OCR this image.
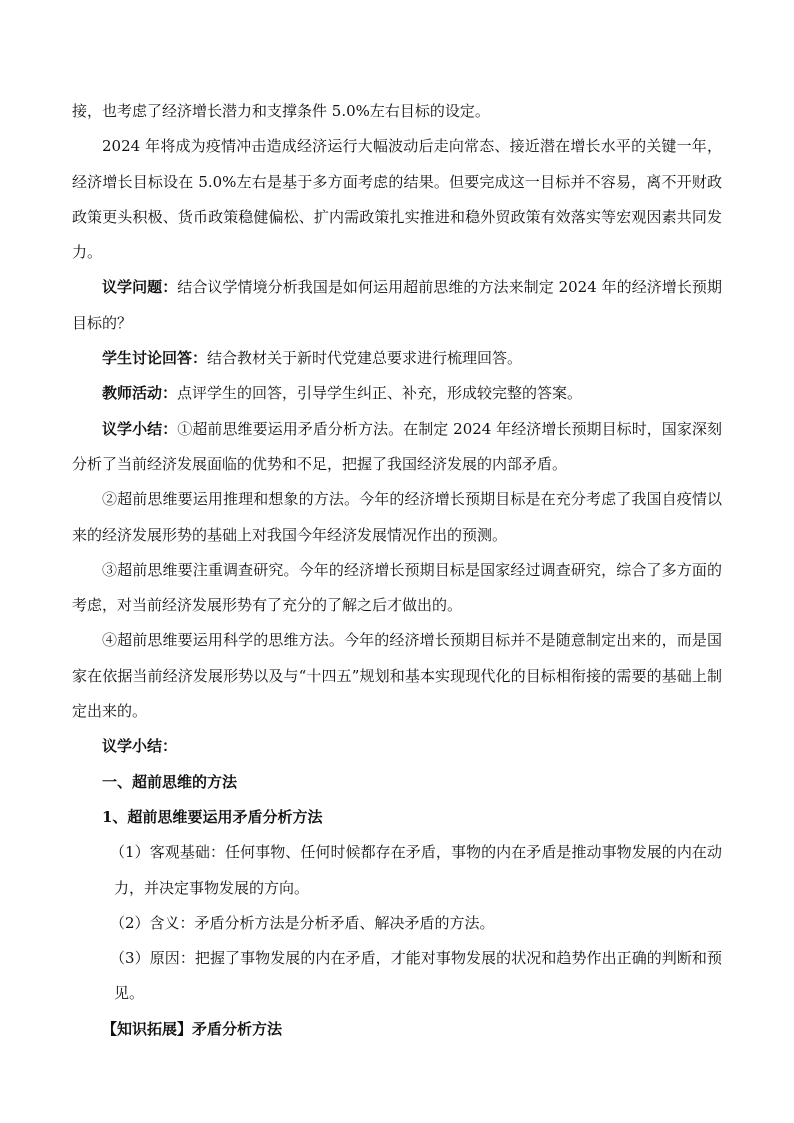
接，也考虑了经济增长潜力和支撑条件 5.0%左右目标的设定。

2024 年将成为疫情冲击造成经济运行大幅波动后走向常态、接近潜在增长水平的关键一年，经济增长目标设在 5.0%左右是基于多方面考虑的结果。但要完成这一目标并不容易，离不开财政政策更头积极、货币政策稳健偏松、扩内需政策扎实推进和稳外贸政策有效落实等宏观因素共同发力。

议学问题：结合议学情境分析我国是如何运用超前思维的方法来制定 2024 年的经济增长预期目标的？

学生讨论回答：结合教材关于新时代党建总要求进行梳理回答。

教师活动：点评学生的回答，引导学生纠正、补充，形成较完整的答案。

议学小结：①超前思维要运用矛盾分析方法。在制定 2024 年经济增长预期目标时，国家深刻分析了当前经济发展面临的优势和不足，把握了我国经济发展的内部矛盾。

②超前思维要运用推理和想象的方法。今年的经济增长预期目标是在充分考虑了我国自疫情以来的经济发展形势的基础上对我国今年经济发展情况作出的预测。

③超前思维要注重调查研究。今年的经济增长预期目标是国家经过调查研究，综合了多方面的考虑，对当前经济发展形势有了充分的了解之后才做出的。

④超前思维要运用科学的思维方法。今年的经济增长预期目标并不是随意制定出来的，而是国家在依据当前经济发展形势以及与“十四五”规划和基本实现现代化的目标相衔接的需要的基础上制定出来的。

议学小结：

一、超前思维的方法

1、超前思维要运用矛盾分析方法

（1）客观基础：任何事物、任何时候都存在矛盾，事物的内在矛盾是推动事物发展的内在动力，并决定事物发展的方向。

（2）含义：矛盾分析方法是分析矛盾、解决矛盾的方法。

（3）原因：把握了事物发展的内在矛盾，才能对事物发展的状况和趋势作出正确的判断和预见。

【知识拓展】矛盾分析方法
